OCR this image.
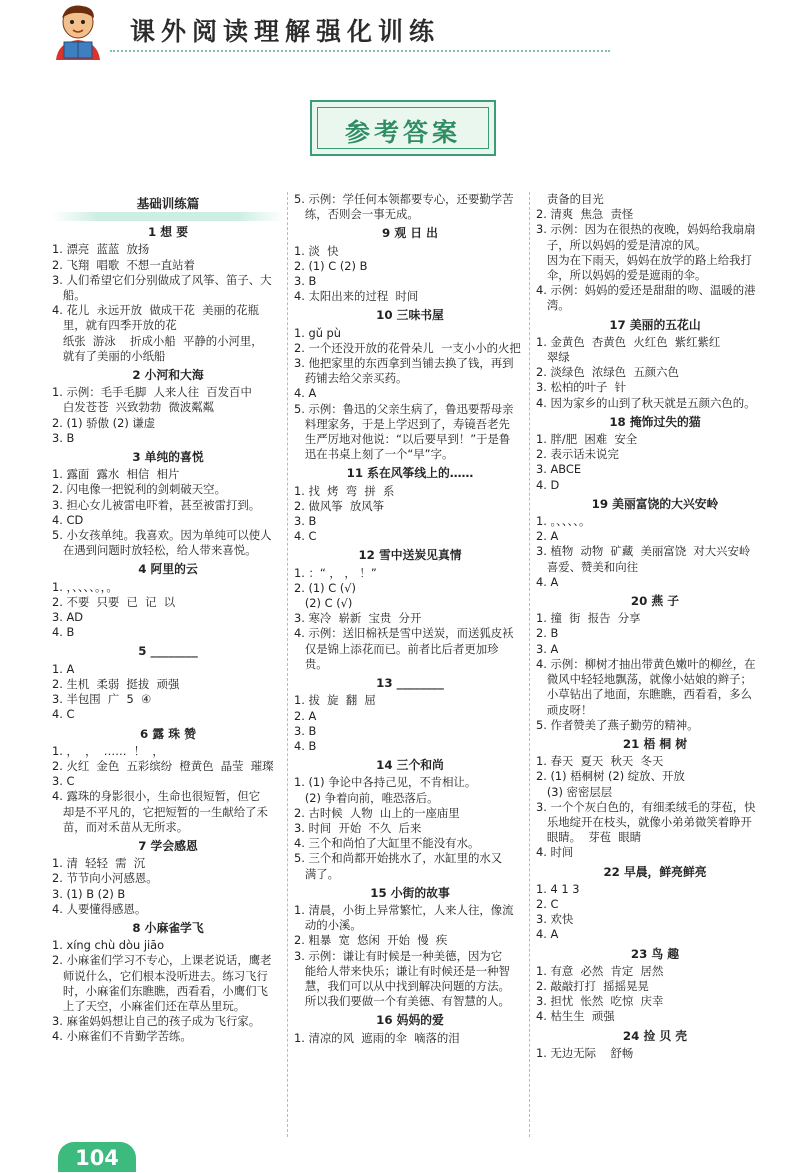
课外阅读理解强化训练
参考答案
基础训练篇
1 想 要
1. 漂亮  蓝蓝  放扬
2. 飞翔  唱歌  不想一直站着
3. 人们希望它们分别做成了风筝、笛子、大
船。
4. 花儿  永远开放  做成干花  美丽的花瓶
里，就有四季开放的花
纸张  游泳    折成小船  平静的小河里，
就有了美丽的小纸船
2 小河和大海
1. 示例：毛手毛脚  人来人往  百发百中
白发苍苍  兴致勃勃  微波粼粼
2. (1) 骄傲 (2) 谦虚
3. B
3 单纯的喜悦
1. 露面  露水  相信  相片
2. 闪电像一把锐利的剑刺破天空。
3. 担心女儿被雷电吓着，甚至被雷打到。
4. CD
5. 小女孩单纯。我喜欢。因为单纯可以使人
在遇到问题时放轻松，给人带来喜悦。
4 阿里的云
1. ，、、、、。，。
2. 不要  只要  已  记  以
3. AD
4. B
5 ________
1. A
2. 生机  柔弱  挺拔  顽强
3. 半包围  广  5  ④
4. C
6 露 珠 赞
1. ，  ，  ……  ！  ，
2. 火红  金色  五彩缤纷  橙黄色  晶莹  璀璨
3. C
4. 露珠的身影很小，生命也很短暂，但它
却是不平凡的，它把短暂的一生献给了禾
苗，而对禾苗从无所求。
7 学会感恩
1. 清  轻轻  需  沉
2. 节节向小河感恩。
3. (1) B (2) B
4. 人要懂得感恩。
8 小麻雀学飞
1. xíng chù dòu jiāo
2. 小麻雀们学习不专心，上课老说话，鹰老
师说什么，它们根本没听进去。练习飞行
时，小麻雀们东瞧瞧，西看看，小鹰们飞
上了天空，小麻雀们还在草丛里玩。
3. 麻雀妈妈想让自己的孩子成为飞行家。
4. 小麻雀们不肯勤学苦练。
5. 示例：学任何本领都要专心，还要勤学苦
练，否则会一事无成。
9 观 日 出
1. 淡  快
2. (1) C (2) B
3. B
4. 太阳出来的过程  时间
10 三味书屋
1. gǔ pù
2. 一个还没开放的花骨朵儿  一支小小的火把
3. 他把家里的东西拿到当铺去换了钱，再到
药铺去给父亲买药。
4. A
5. 示例：鲁迅的父亲生病了，鲁迅要帮母亲
料理家务，于是上学迟到了，寿镜吾老先
生严厉地对他说：“以后要早到！”于是鲁
迅在书桌上刻了一个“早”字。
11 系在风筝线上的……
1. 找  烤  弯  拼  系
2. 做风筝  放风筝
3. B
4. C
12 雪中送炭见真情
1. ：“ ， ， ！”
2. (1) C (√)
(2) C (√)
3. 寒冷  崭新  宝贵  分开
4. 示例：送旧棉袄是雪中送炭，而送狐皮袄
仅是锦上添花而已。前者比后者更加珍
贵。
13 ________
1. 拔  旋  翻  屈
2. A
3. B
4. B
14 三个和尚
1. (1) 争论中各持己见，不肯相让。
(2) 争着向前，唯恐落后。
2. 古时候  人物  山上的一座庙里
3. 时间  开始  不久  后来
4. 三个和尚怕了大缸里不能没有水。
5. 三个和尚都开始挑水了，水缸里的水又
满了。
15 小街的故事
1. 清晨，小街上异常繁忙，人来人往，像流
动的小溪。
2. 粗暴  宽  悠闲  开始  慢  疾
3. 示例：谦让有时候是一种美德，因为它
能给人带来快乐；谦让有时候还是一种智
慧，我们可以从中找到解决问题的方法。
所以我们要做一个有美德、有智慧的人。
16 妈妈的爱
1. 清凉的风  遮雨的伞  嘀落的泪
责备的目光
2. 清爽  焦急  责怪
3. 示例：因为在很热的夜晚，妈妈给我扇扇
子，所以妈妈的爱是清凉的风。
因为在下雨天，妈妈在放学的路上给我打
伞，所以妈妈的爱是遮雨的伞。
4. 示例：妈妈的爱还是甜甜的吻、温暖的港
湾。
17 美丽的五花山
1. 金黄色  杏黄色  火红色  紫红紫红
翠绿
2. 淡绿色  浓绿色  五颜六色
3. 松柏的叶子  针
4. 因为家乡的山到了秋天就是五颜六色的。
18 掩饰过失的猫
1. 胖/肥  困难  安全
2. 表示话未说完
3. ABCE
4. D
19 美丽富饶的大兴安岭
1. 。、、、、。
2. A
3. 植物  动物  矿藏  美丽富饶  对大兴安岭
喜爱、赞美和向往
4. A
20 燕 子
1. 撞  街  报告  分享
2. B
3. A
4. 示例：柳树才抽出带黄色嫩叶的柳丝，在
微风中轻轻地飘荡，就像小姑娘的辫子；
小草钻出了地面，东瞧瞧，西看看，多么
顽皮呀！
5. 作者赞美了燕子勤劳的精神。
21 梧 桐 树
1. 春天  夏天  秋天  冬天
2. (1) 梧桐树 (2) 绽放、开放
(3) 密密层层
3. 一个个灰白色的，有细柔绒毛的芽苞，快
乐地绽开在枝头，就像小弟弟微笑着睁开
眼睛。  芽苞  眼睛
4. 时间
22 早晨，鲜亮鲜亮
1. 4 1 3
2. C
3. 欢快
4. A
23 鸟 趣
1. 有意  必然  肯定  居然
2. 敲敲打打  摇摇晃晃
3. 担忧  怅然  吃惊  庆幸
4. 枯生生  顽强
24 捡 贝 壳
1. 无边无际    舒畅
104
